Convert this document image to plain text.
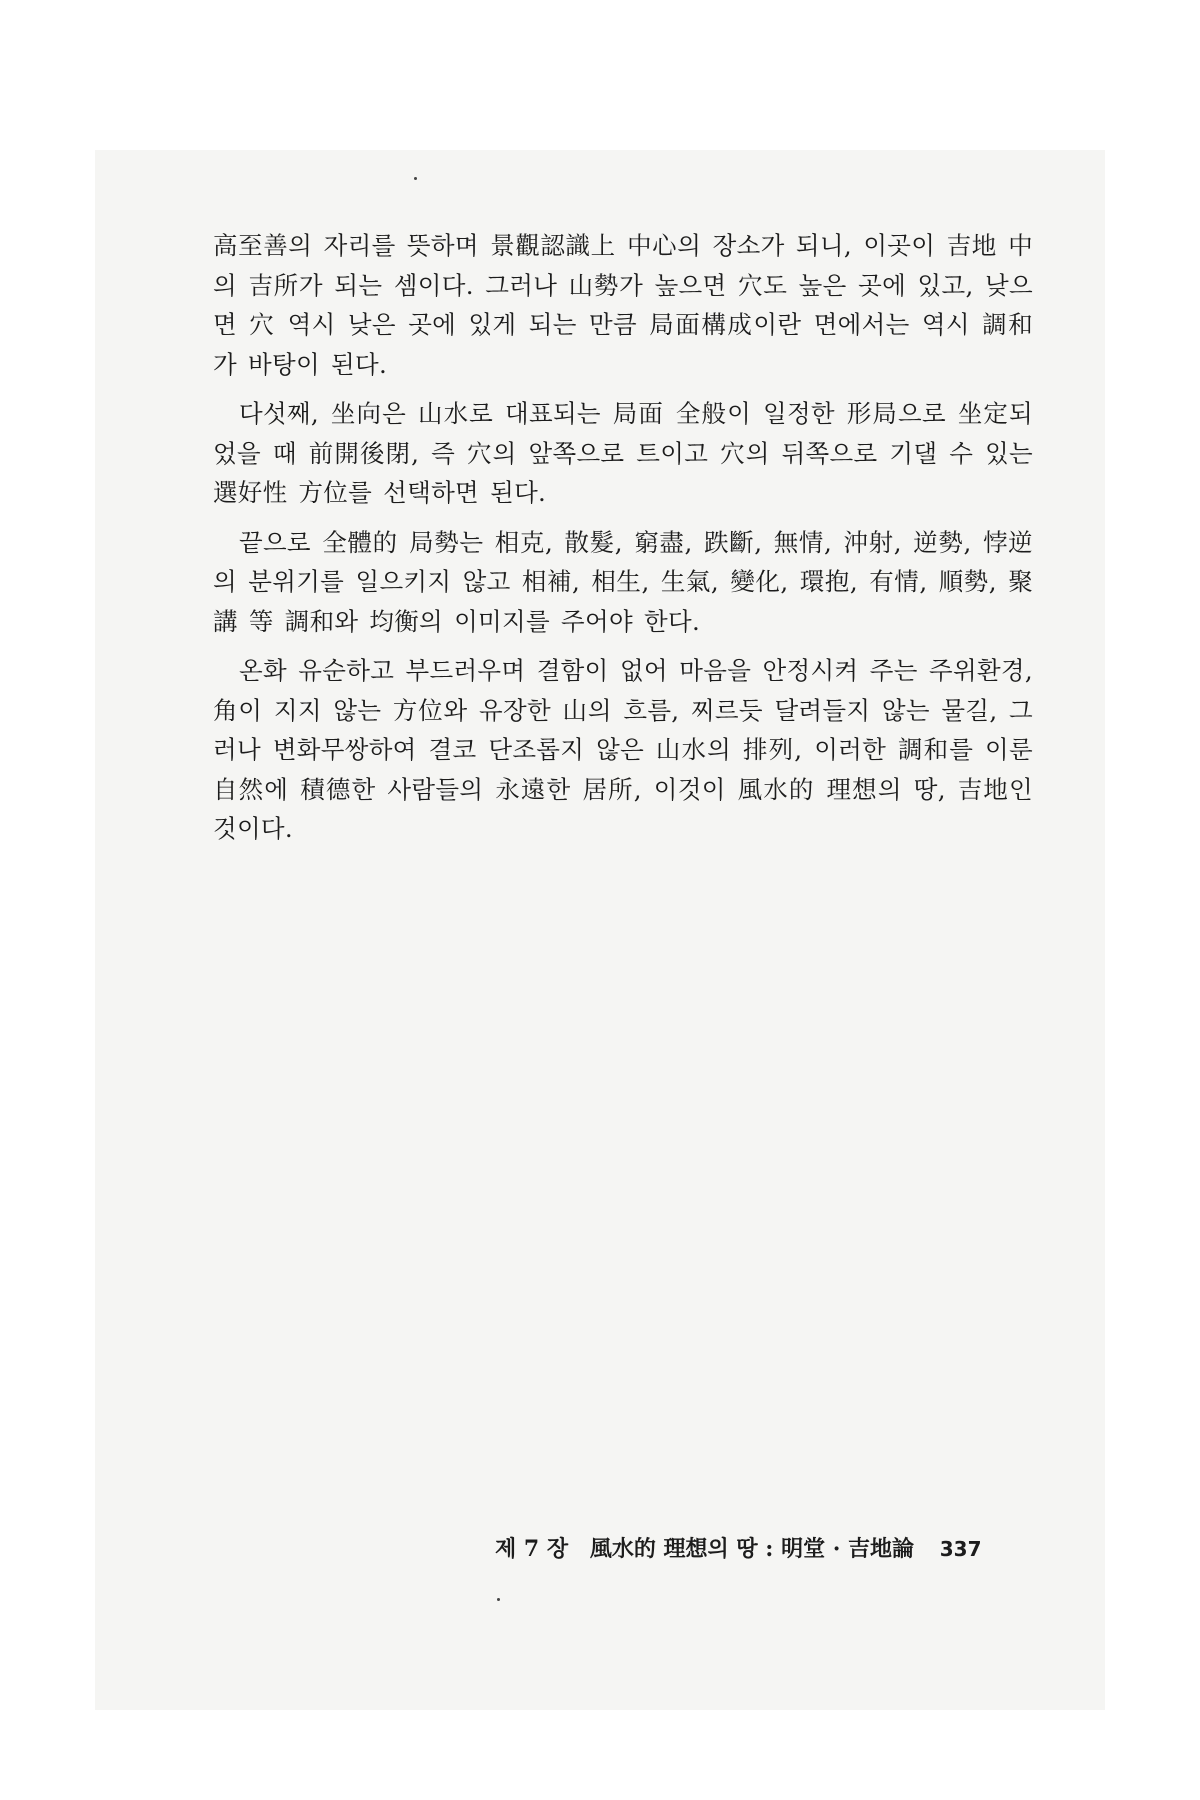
高至善의 자리를 뜻하며 景觀認識上 中心의 장소가 되니, 이곳이 吉地 中의 吉所가 되는 셈이다. 그러나 山勢가 높으면 穴도 높은 곳에 있고, 낮으면 穴 역시 낮은 곳에 있게 되는 만큼 局面構成이란 면에서는 역시 調和가 바탕이 된다.

다섯째, 坐向은 山水로 대표되는 局面 全般이 일정한 形局으로 坐定되었을 때 前開後閉, 즉 穴의 앞쪽으로 트이고 穴의 뒤쪽으로 기댈 수 있는 選好性 方位를 선택하면 된다.

끝으로 全體的 局勢는 相克, 散髮, 窮盡, 跌斷, 無情, 沖射, 逆勢, 悖逆의 분위기를 일으키지 않고 相補, 相生, 生氣, 變化, 環抱, 有情, 順勢, 聚講 等 調和와 均衡의 이미지를 주어야 한다.

온화 유순하고 부드러우며 결함이 없어 마음을 안정시켜 주는 주위환경, 角이 지지 않는 方位와 유장한 山의 흐름, 찌르듯 달려들지 않는 물길, 그러나 변화무쌍하여 결코 단조롭지 않은 山水의 排列, 이러한 調和를 이룬 自然에 積德한 사람들의 永遠한 居所, 이것이 風水的 理想의 땅, 吉地인 것이다.

제 7 장 風水的 理想의 땅 : 明堂 · 吉地論 337
